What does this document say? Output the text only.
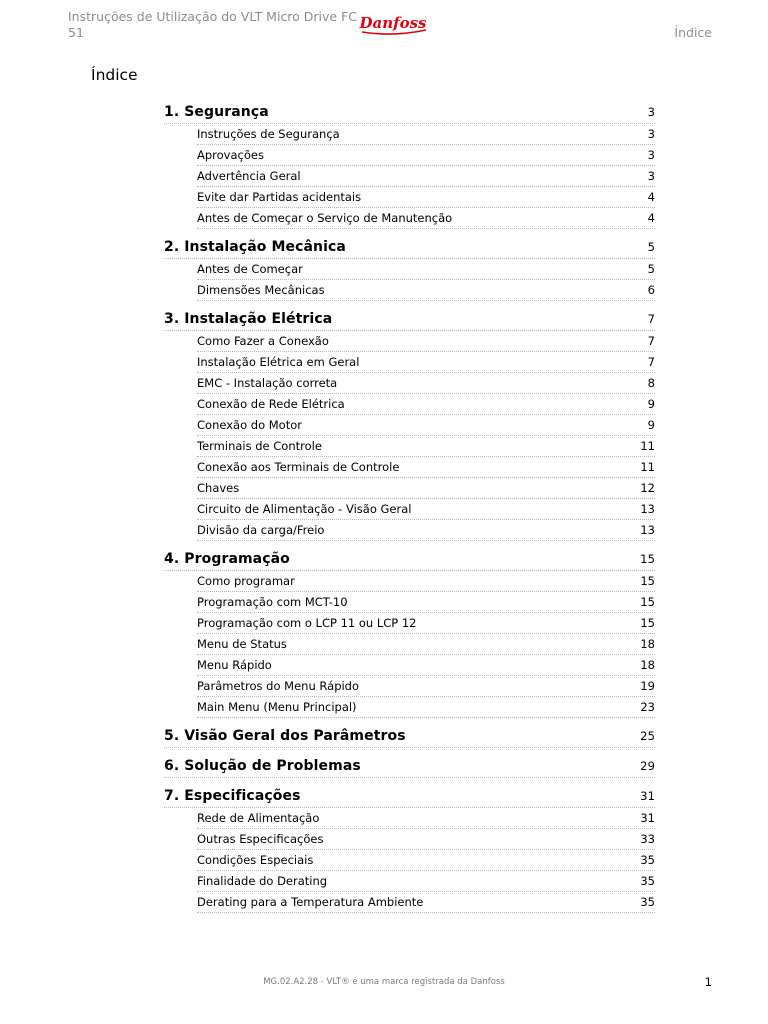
Instruções de Utilização do VLT Micro Drive FC 51
Danfoss
Índice
Índice
1. Segurança	3
Instruções de Segurança	3
Aprovações	3
Advertência Geral	3
Evite dar Partidas acidentais	4
Antes de Começar o Serviço de Manutenção	4
2. Instalação Mecânica	5
Antes de Começar	5
Dimensões Mecânicas	6
3. Instalação Elétrica	7
Como Fazer a Conexão	7
Instalação Elétrica em Geral	7
EMC - Instalação correta	8
Conexão de Rede Elétrica	9
Conexão do Motor	9
Terminais de Controle	11
Conexão aos Terminais de Controle	11
Chaves	12
Circuito de Alimentação - Visão Geral	13
Divisão da carga/Freio	13
4. Programação	15
Como programar	15
Programação com MCT-10	15
Programação com o LCP 11 ou LCP 12	15
Menu de Status	18
Menu Rápido	18
Parâmetros do Menu Rápido	19
Main Menu (Menu Principal)	23
5. Visão Geral dos Parâmetros	25
6. Solução de Problemas	29
7. Especificações	31
Rede de Alimentação	31
Outras Especificações	33
Condições Especiais	35
Finalidade do Derating	35
Derating para a Temperatura Ambiente	35
MG.02.A2.28 - VLT® é uma marca registrada da Danfoss	1
